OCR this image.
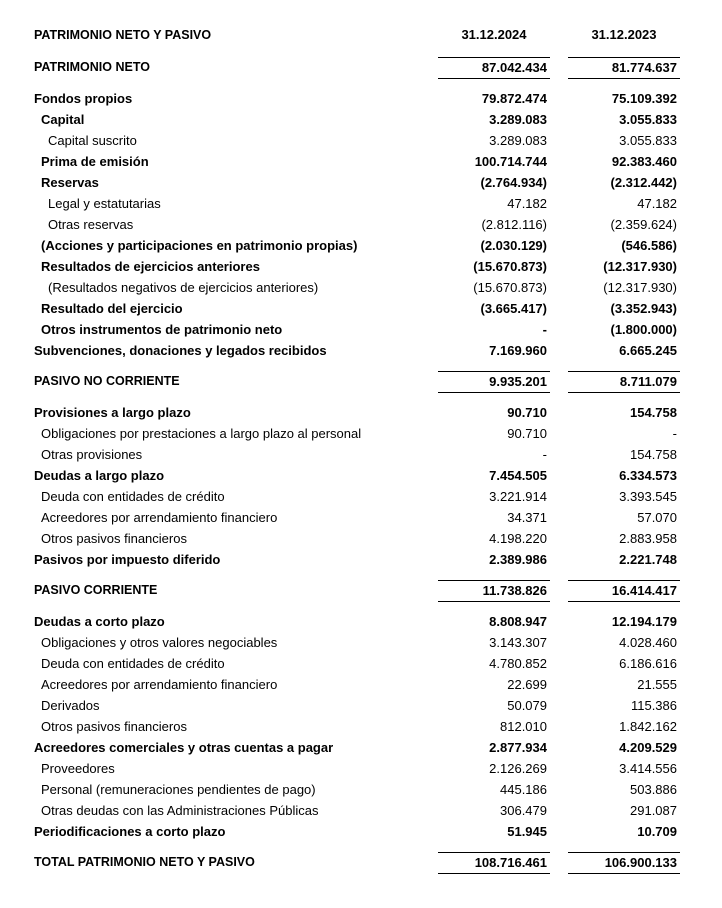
PATRIMONIO NETO Y PASIVO	31.12.2024	31.12.2023
PATRIMONIO NETO	87.042.434	81.774.637
Fondos propios	79.872.474	75.109.392
Capital	3.289.083	3.055.833
Capital suscrito	3.289.083	3.055.833
Prima de emisión	100.714.744	92.383.460
Reservas	(2.764.934)	(2.312.442)
Legal y estatutarias	47.182	47.182
Otras reservas	(2.812.116)	(2.359.624)
(Acciones y participaciones en patrimonio propias)	(2.030.129)	(546.586)
Resultados de ejercicios anteriores	(15.670.873)	(12.317.930)
(Resultados negativos de ejercicios anteriores)	(15.670.873)	(12.317.930)
Resultado del ejercicio	(3.665.417)	(3.352.943)
Otros instrumentos de patrimonio neto	-	(1.800.000)
Subvenciones, donaciones y legados recibidos	7.169.960	6.665.245
PASIVO NO CORRIENTE	9.935.201	8.711.079
Provisiones a largo plazo	90.710	154.758
Obligaciones por prestaciones a largo plazo al personal	90.710	-
Otras provisiones	-	154.758
Deudas a largo plazo	7.454.505	6.334.573
Deuda con entidades de crédito	3.221.914	3.393.545
Acreedores por arrendamiento financiero	34.371	57.070
Otros pasivos financieros	4.198.220	2.883.958
Pasivos por impuesto diferido	2.389.986	2.221.748
PASIVO CORRIENTE	11.738.826	16.414.417
Deudas a corto plazo	8.808.947	12.194.179
Obligaciones y otros valores negociables	3.143.307	4.028.460
Deuda con entidades de crédito	4.780.852	6.186.616
Acreedores por arrendamiento financiero	22.699	21.555
Derivados	50.079	115.386
Otros pasivos financieros	812.010	1.842.162
Acreedores comerciales y otras cuentas a pagar	2.877.934	4.209.529
Proveedores	2.126.269	3.414.556
Personal (remuneraciones pendientes de pago)	445.186	503.886
Otras deudas con las Administraciones Públicas	306.479	291.087
Periodificaciones a corto plazo	51.945	10.709
TOTAL PATRIMONIO NETO Y PASIVO	108.716.461	106.900.133
